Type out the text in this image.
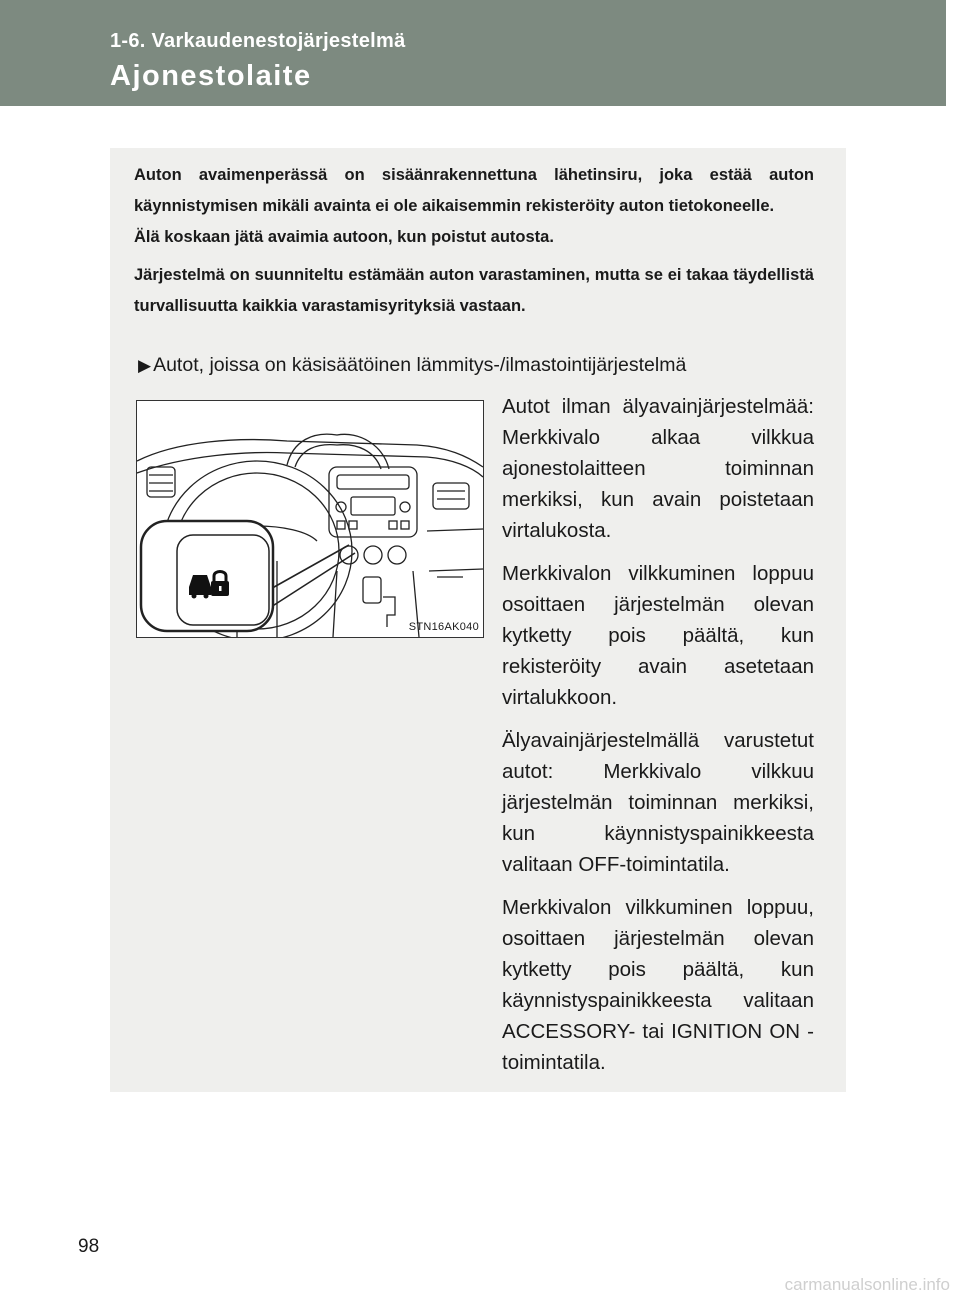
1-6. Varkaudenestojärjestelmä
Ajonestolaite

Auton avaimenperässä on sisäänrakennettuna lähetinsiru, joka estää auton käynnistymisen mikäli avainta ei ole aikaisemmin rekisteröity auton tietokoneelle.

Älä koskaan jätä avaimia autoon, kun poistut autosta.

Järjestelmä on suunniteltu estämään auton varastaminen, mutta se ei takaa täydellistä turvallisuutta kaikkia varastamisyrityksiä vastaan.

▶ Autot, joissa on käsisäätöinen lämmitys-/ilmastointijärjestelmä
STN16AK040

Autot ilman älyavainjärjestelmää: Merkkivalo alkaa vilkkua ajonestolaitteen toiminnan merkiksi, kun avain poistetaan virtalukosta.

Merkkivalon vilkkuminen loppuu osoittaen järjestelmän olevan kytketty pois päältä, kun rekisteröity avain asetetaan virtalukkoon.

Älyavainjärjestelmällä varustetut autot: Merkkivalo vilkkuu järjestelmän toiminnan merkiksi, kun käynnistyspainikkeesta valitaan OFF-toimintatila.

Merkkivalon vilkkuminen loppuu, osoittaen järjestelmän olevan kytketty pois päältä, kun käynnistyspainikkeesta valitaan ACCESSORY- tai IGNITION ON -toimintatila.

98
carmanualsonline.info
